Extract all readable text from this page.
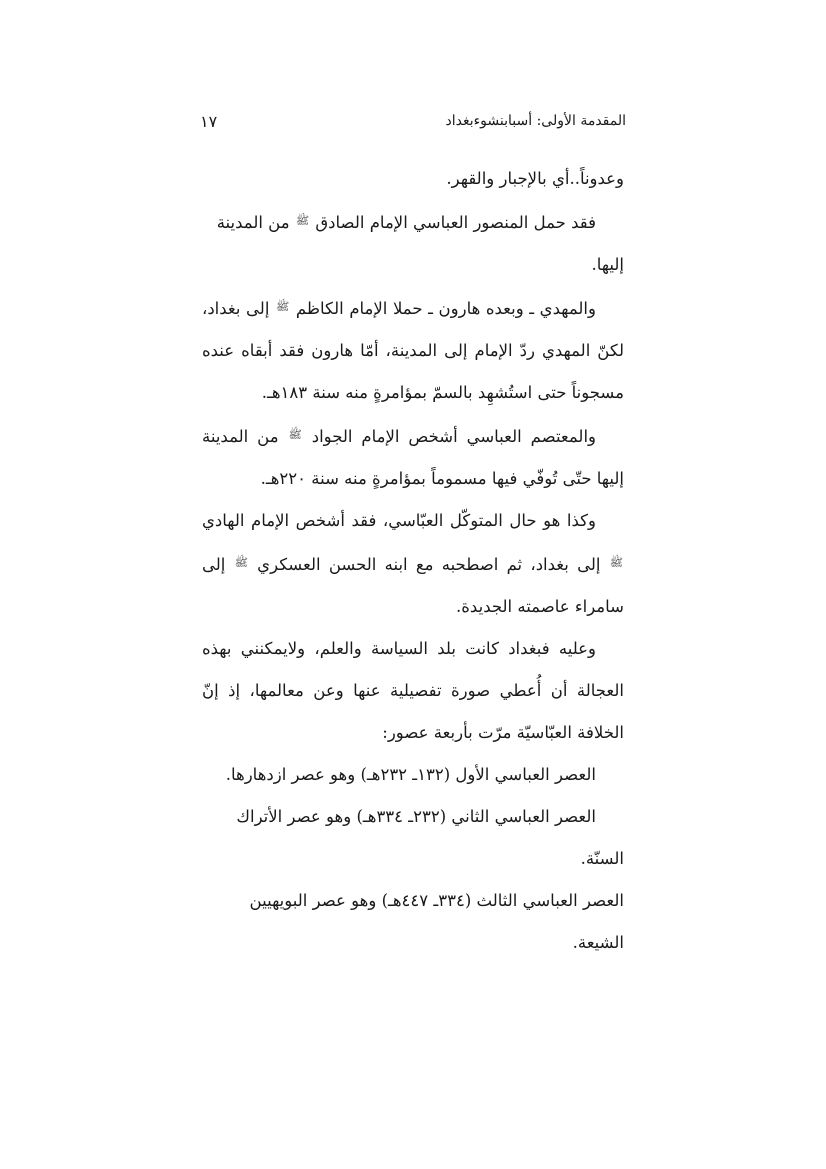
المقدمة الأولى: أسبابنشوءبغداد
١٧

وعدوناً..أي بالإجبار والقهر.

فقد حمل المنصور العباسي الإمام الصادق $^ﷺ$ من المدينة إليها.

والمهدي ـ وبعده هارون ـ حملا الإمام الكاظم $^ﷺ$ إلى بغداد، لكنّ المهدي ردّ الإمام إلى المدينة، أمّا هارون فقد أبقاه عنده مسجوناً حتى استُشهِد بالسمّ بمؤامرةٍ منه سنة ١٨٣هـ.

والمعتصم العباسي أشخص الإمام الجواد $^ﷺ$ من المدينة إليها حتّى تُوفّي فيها مسموماً بمؤامرةٍ منه سنة ٢٢٠هـ.

وكذا هو حال المتوكّل العبّاسي، فقد أشخص الإمام الهادي $^ﷺ$ إلى بغداد، ثم اصطحبه مع ابنه الحسن العسكري $^ﷺ$ إلى سامراء عاصمته الجديدة.

وعليه فبغداد كانت بلد السياسة والعلم، ولايمكنني بهذه العجالة أن أُعطي صورة تفصيلية عنها وعن معالمها، إذ إنّ الخلافة العبّاسيّة مرّت بأربعة عصور:

العصر العباسي الأول (١٣٢ـ ٢٣٢هـ) وهو عصر ازدهارها.

العصر العباسي الثاني (٢٣٢ـ ٣٣٤هـ) وهو عصر الأتراك السنّة.

العصر العباسي الثالث (٣٣٤ـ ٤٤٧هـ) وهو عصر البويهيين الشيعة.
